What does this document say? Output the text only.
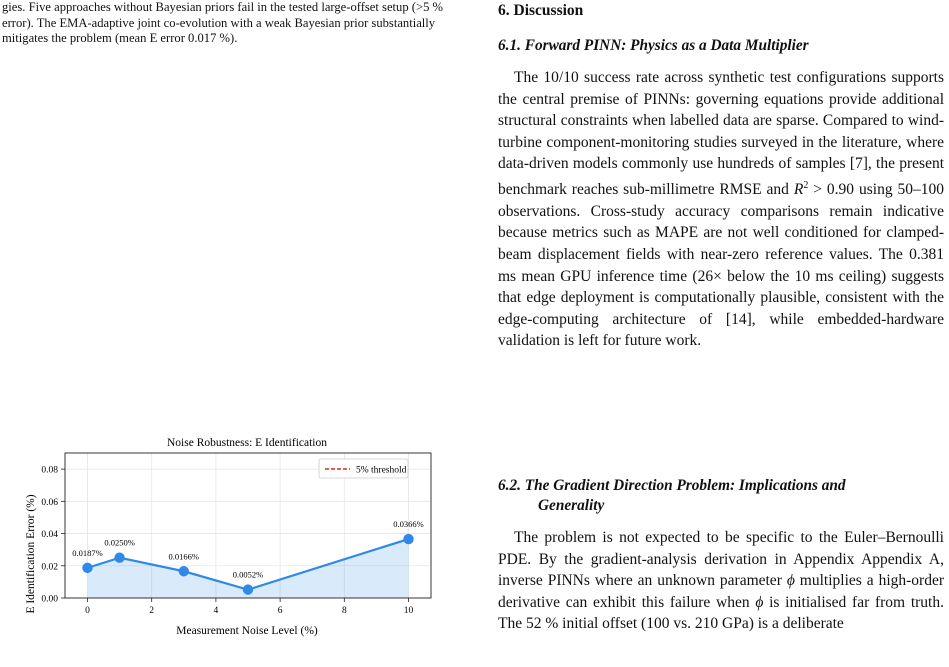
gies. Five approaches without Bayesian priors fail in the tested large-offset setup (>5 % error). The EMA-adaptive joint co-evolution with a weak Bayesian prior substantially mitigates the problem (mean E error 0.017 %).

Noise Robustness: E Identification
0.0187%
0.0250%
0.0166%
0.0052%
0.0366%
0	2	4	6	8	10
0.00
0.02
0.04
0.06
0.08
Measurement Noise Level (%)
E Identification Error (%)
5% threshold
6. Discussion
6.1. Forward PINN: Physics as a Data Multiplier

The 10/10 success rate across synthetic test configurations supports the central premise of PINNs: governing equations provide additional structural constraints when labelled data are sparse. Compared to wind-turbine component-monitoring studies surveyed in the literature, where data-driven models commonly use hundreds of samples [7], the present benchmark reaches sub-millimetre RMSE and $R^2 > 0.90$ using 50–100 observations. Cross-study accuracy comparisons remain indicative because metrics such as MAPE are not well conditioned for clamped-beam displacement fields with near-zero reference values. The 0.381 ms mean GPU inference time (26× below the 10 ms ceiling) suggests that edge deployment is computationally plausible, consistent with the edge-computing architecture of [14], while embedded-hardware validation is left for future work.

6.2. The Gradient Direction Problem: Implications and
Generality

The problem is not expected to be specific to the Euler–Bernoulli PDE. By the gradient-analysis derivation in Appendix Appendix A, inverse PINNs where an unknown parameter ϕ multiplies a high-order derivative can exhibit this failure when ϕ is initialised far from truth. The 52 % initial offset (100 vs. 210 GPa) is a deliberate
